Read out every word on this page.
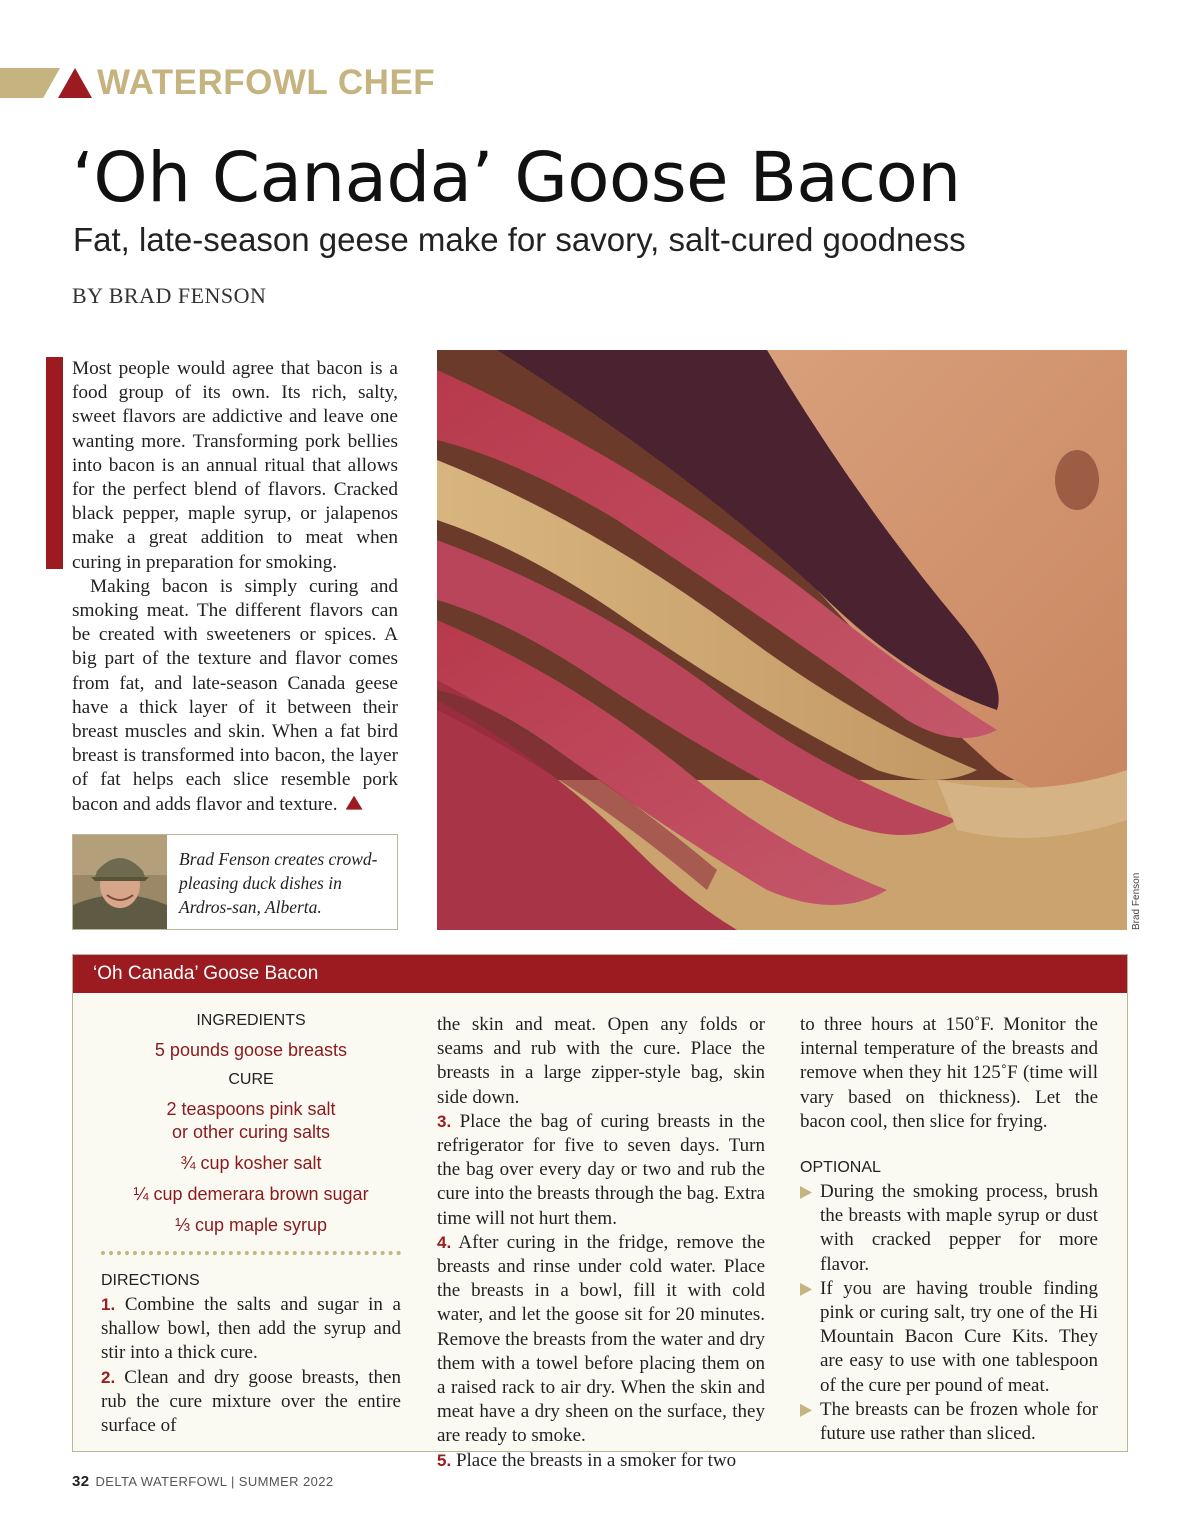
WATERFOWL CHEF
‘Oh Canada’ Goose Bacon
Fat, late-season geese make for savory, salt-cured goodness
BY BRAD FENSON

Most people would agree that bacon is a food group of its own. Its rich, salty, sweet flavors are addictive and leave one wanting more. Transforming pork bellies into bacon is an annual ritual that allows for the perfect blend of flavors. Cracked black pepper, maple syrup, or jalapenos make a great addition to meat when curing in preparation for smoking.

Making bacon is simply curing and smoking meat. The different flavors can be created with sweeteners or spices. A big part of the texture and flavor comes from fat, and late-season Canada geese have a thick layer of it between their breast muscles and skin. When a fat bird breast is transformed into bacon, the layer of fat helps each slice resemble pork bacon and adds flavor and texture.

Brad Fenson
Brad Fenson creates crowd-pleasing duck dishes in Ardros-san, Alberta.
‘Oh Canada’ Goose Bacon
INGREDIENTS
5 pounds goose breasts
CURE
2 teaspoons pink salt
or other curing salts
¾ cup kosher salt
¼ cup demerara brown sugar
⅓ cup maple syrup
DIRECTIONS

1. Combine the salts and sugar in a shallow bowl, then add the syrup and stir into a thick cure.

2. Clean and dry goose breasts, then rub the cure mixture over the entire surface of

the skin and meat. Open any folds or seams and rub with the cure. Place the breasts in a large zipper-style bag, skin side down.

3. Place the bag of curing breasts in the refrigerator for five to seven days. Turn the bag over every day or two and rub the cure into the breasts through the bag. Extra time will not hurt them.

4. After curing in the fridge, remove the breasts and rinse under cold water. Place the breasts in a bowl, fill it with cold water, and let the goose sit for 20 minutes. Remove the breasts from the water and dry them with a towel before placing them on a raised rack to air dry. When the skin and meat have a dry sheen on the surface, they are ready to smoke.

5. Place the breasts in a smoker for two

to three hours at 150˚F. Monitor the internal temperature of the breasts and remove when they hit 125˚F (time will vary based on thickness). Let the bacon cool, then slice for frying.

OPTIONAL
During the smoking process, brush the breasts with maple syrup or dust with cracked pepper for more flavor.
If you are having trouble finding pink or curing salt, try one of the Hi Mountain Bacon Cure Kits. They are easy to use with one tablespoon of the cure per pound of meat.
The breasts can be frozen whole for future use rather than sliced.
32 DELTA WATERFOWL | SUMMER 2022
